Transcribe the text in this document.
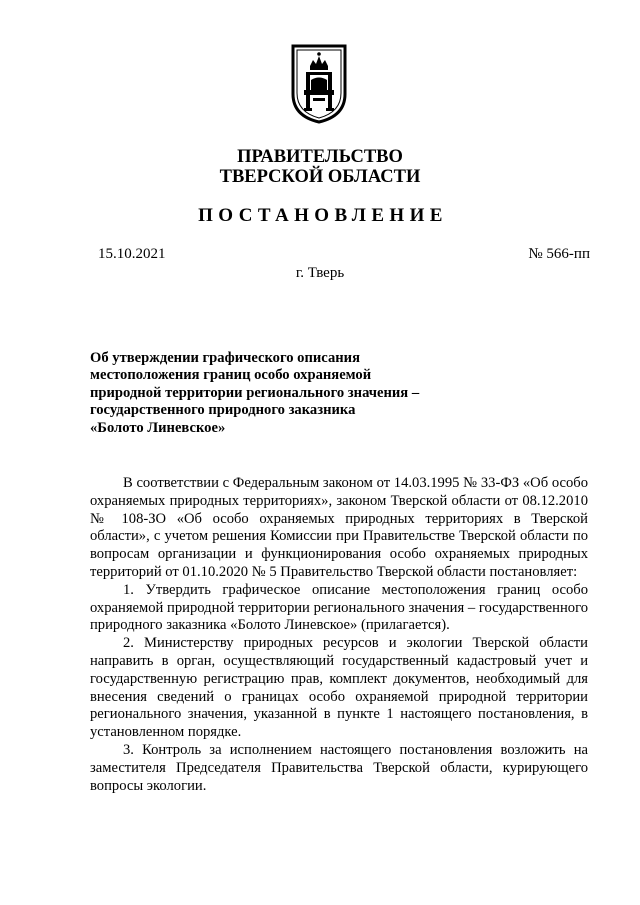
ПРАВИТЕЛЬСТВО
ТВЕРСКОЙ ОБЛАСТИ
ПОСТАНОВЛЕНИЕ
15.10.2021	№ 566-пп
г. Тверь
Об утверждении графического описания
местоположения границ особо охраняемой
природной территории регионального значения –
государственного природного заказника
«Болото Линевское»

В соответствии с Федеральным законом от 14.03.1995 № 33-ФЗ «Об особо охраняемых природных территориях», законом Тверской области от 08.12.2010 № 108-ЗО «Об особо охраняемых природных территориях в Тверской области», с учетом решения Комиссии при Правительстве Тверской области по вопросам организации и функционирования особо охраняемых природных территорий от 01.10.2020 № 5 Правительство Тверской области постановляет:

1. Утвердить графическое описание местоположения границ особо охраняемой природной территории регионального значения – государственного природного заказника «Болото Линевское» (прилагается).

2. Министерству природных ресурсов и экологии Тверской области направить в орган, осуществляющий государственный кадастровый учет и государственную регистрацию прав, комплект документов, необходимый для внесения сведений о границах особо охраняемой природной территории регионального значения, указанной в пункте 1 настоящего постановления, в установленном порядке.

3. Контроль за исполнением настоящего постановления возложить на заместителя Председателя Правительства Тверской области, курирующего вопросы экологии.
